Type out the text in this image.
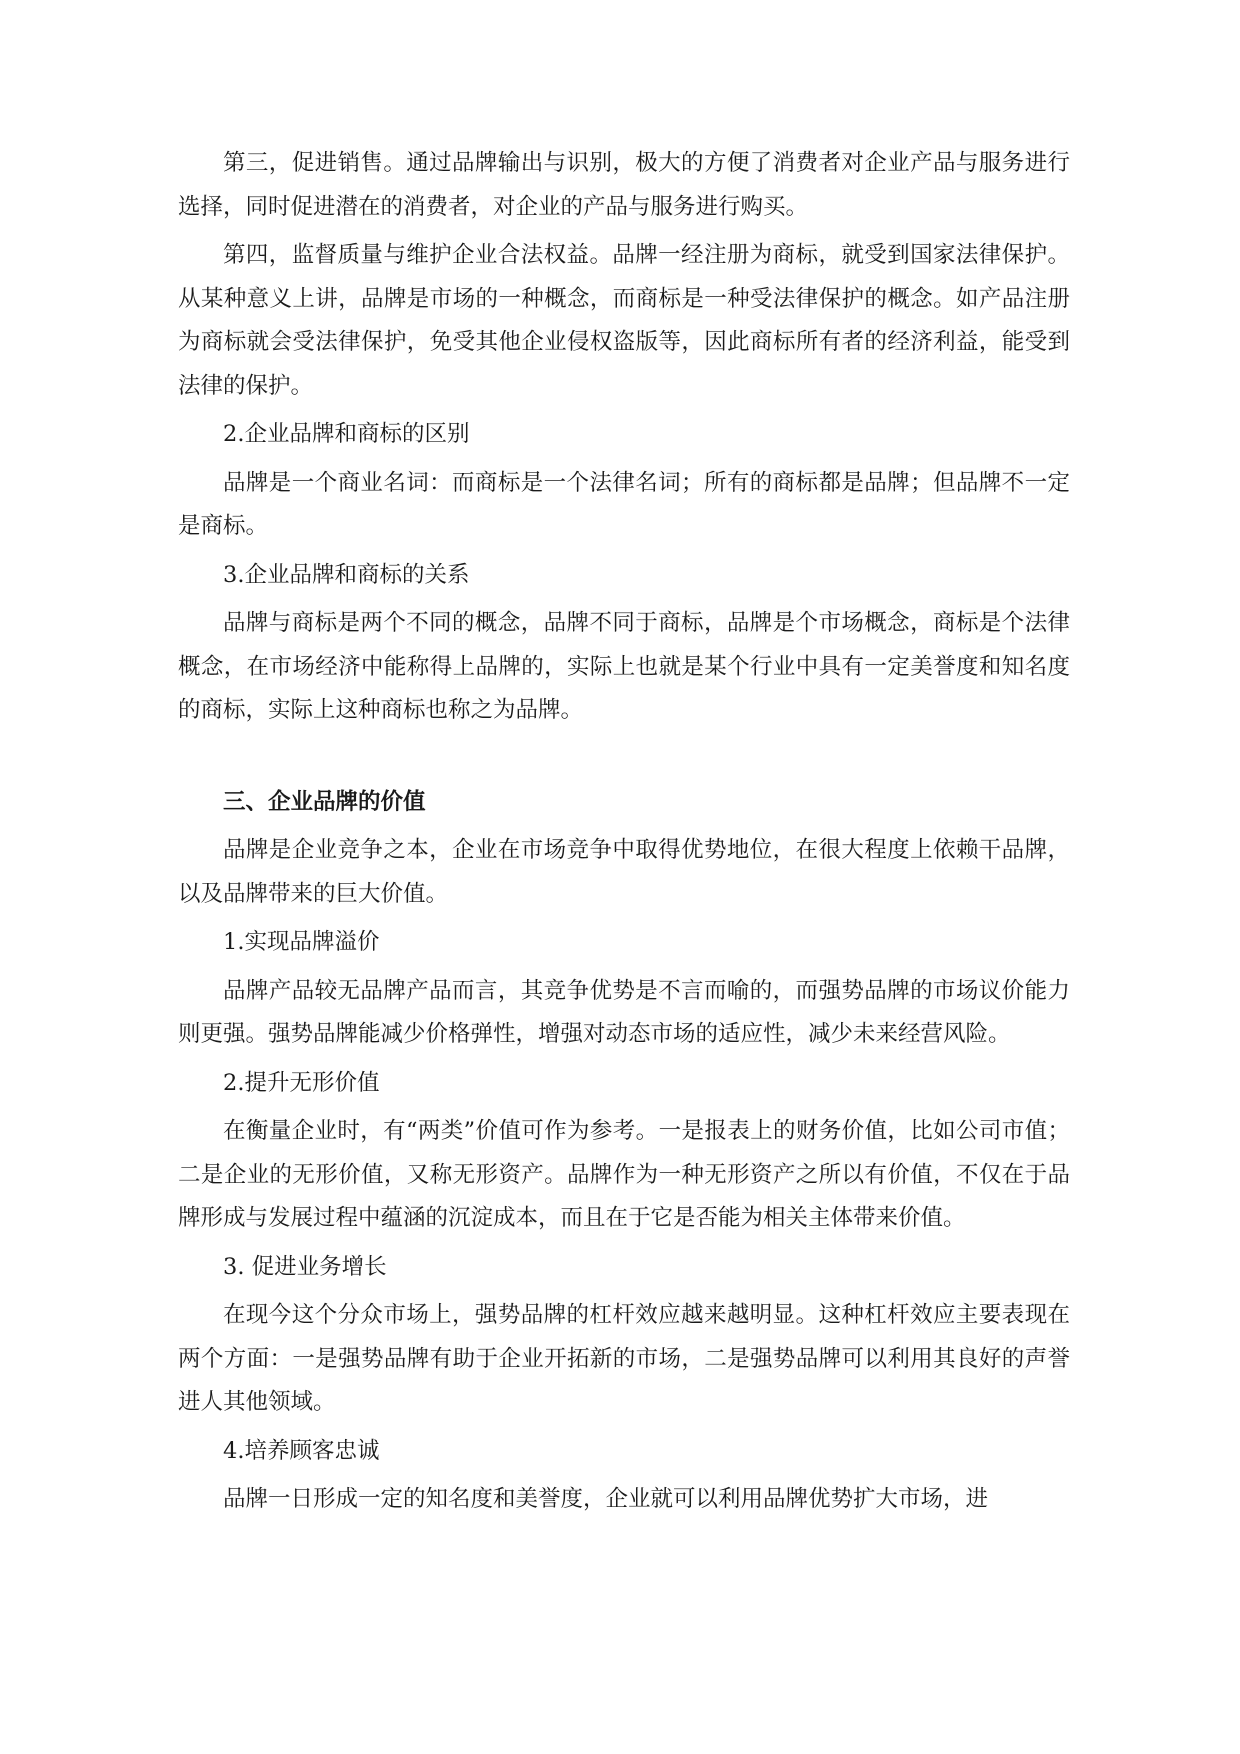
第三，促进销售。通过品牌输出与识别，极大的方便了消费者对企业产品与服务进行选择，同时促进潜在的消费者，对企业的产品与服务进行购买。

第四，监督质量与维护企业合法权益。品牌一经注册为商标，就受到国家法律保护。从某种意义上讲，品牌是市场的一种概念，而商标是一种受法律保护的概念。如产品注册为商标就会受法律保护，免受其他企业侵权盗版等，因此商标所有者的经济利益，能受到法律的保护。

2.企业品牌和商标的区别

品牌是一个商业名词：而商标是一个法律名词；所有的商标都是品牌；但品牌不一定是商标。

3.企业品牌和商标的关系

品牌与商标是两个不同的概念，品牌不同于商标，品牌是个市场概念，商标是个法律概念，在市场经济中能称得上品牌的，实际上也就是某个行业中具有一定美誉度和知名度的商标，实际上这种商标也称之为品牌。

三、企业品牌的价值

品牌是企业竞争之本，企业在市场竞争中取得优势地位，在很大程度上依赖干品牌，以及品牌带来的巨大价值。

1.实现品牌溢价

品牌产品较无品牌产品而言，其竞争优势是不言而喻的，而强势品牌的市场议价能力则更强。强势品牌能减少价格弹性，增强对动态市场的适应性，减少未来经营风险。

2.提升无形价值

在衡量企业时，有“两类”价值可作为参考。一是报表上的财务价值，比如公司市值；二是企业的无形价值，又称无形资产。品牌作为一种无形资产之所以有价值，不仅在于品牌形成与发展过程中蕴涵的沉淀成本，而且在于它是否能为相关主体带来价值。

3. 促进业务增长

在现今这个分众市场上，强势品牌的杠杆效应越来越明显。这种杠杆效应主要表现在两个方面：一是强势品牌有助于企业开拓新的市场，二是强势品牌可以利用其良好的声誉进人其他领域。

4.培养顾客忠诚

品牌一日形成一定的知名度和美誉度，企业就可以利用品牌优势扩大市场，进
